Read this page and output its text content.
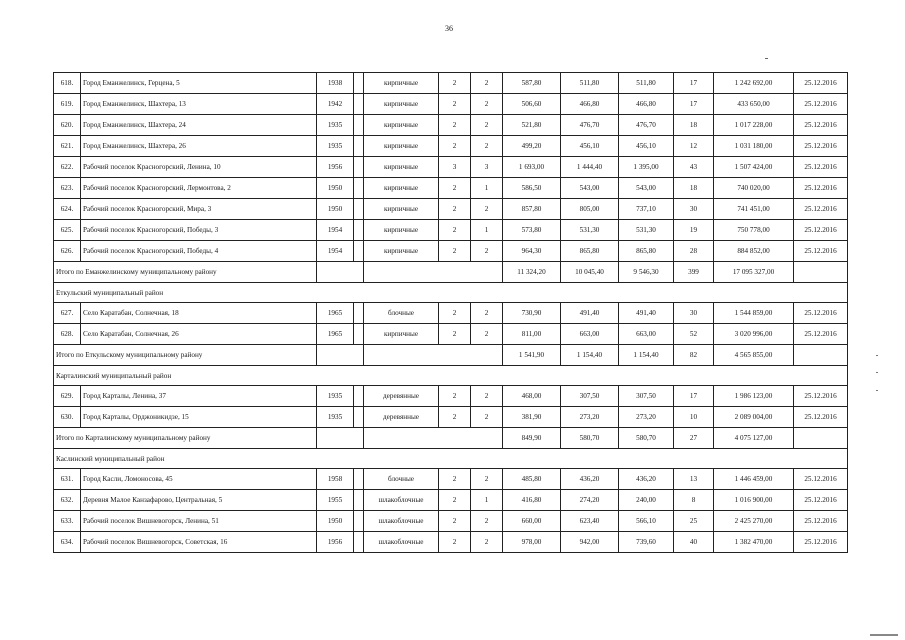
36
618.	Город Еманжелинск, Герцена, 5	1938		кирпичные	2	2	587,80	511,80	511,80	17	1 242 692,00	25.12.2016
619.	Город Еманжелинск, Шахтера, 13	1942		кирпичные	2	2	506,60	466,80	466,80	17	433 650,00	25.12.2016
620.	Город Еманжелинск, Шахтера, 24	1935		кирпичные	2	2	521,80	476,70	476,70	18	1 017 228,00	25.12.2016
621.	Город Еманжелинск, Шахтера, 26	1935		кирпичные	2	2	499,20	456,10	456,10	12	1 031 180,00	25.12.2016
622.	Рабочий поселок Красногорский, Ленина, 10	1956		кирпичные	3	3	1 693,00	1 444,40	1 395,00	43	1 507 424,00	25.12.2016
623.	Рабочий поселок Красногорский, Лермонтова, 2	1950		кирпичные	2	1	586,50	543,00	543,00	18	740 020,00	25.12.2016
624.	Рабочий поселок Красногорский, Мира, 3	1950		кирпичные	2	2	857,80	805,00	737,10	30	741 451,00	25.12.2016
625.	Рабочий поселок Красногорский, Победы, 3	1954		кирпичные	2	1	573,80	531,30	531,30	19	750 778,00	25.12.2016
626.	Рабочий поселок Красногорский, Победы, 4	1954		кирпичные	2	2	964,30	865,80	865,80	28	884 852,00	25.12.2016
Итого по Еманжелинскому муниципальному району							11 324,20	10 045,40	9 546,30	399	17 095 327,00	
Еткульский муниципальный район												
627.	Село Каратабан, Солнечная, 18	1965		блочные	2	2	730,90	491,40	491,40	30	1 544 859,00	25.12.2016
628.	Село Каратабан, Солнечная, 26	1965		кирпичные	2	2	811,00	663,00	663,00	52	3 020 996,00	25.12.2016
Итого по Еткульскому муниципальному району							1 541,90	1 154,40	1 154,40	82	4 565 855,00	
Карталинский муниципальный район												
629.	Город Карталы, Ленина, 37	1935		деревянные	2	2	468,00	307,50	307,50	17	1 986 123,00	25.12.2016
630.	Город Карталы, Орджоникидзе, 15	1935		деревянные	2	2	381,90	273,20	273,20	10	2 089 004,00	25.12.2016
Итого по Карталинскому муниципальному району							849,90	580,70	580,70	27	4 075 127,00	
Каслинский муниципальный район												
631.	Город Касли, Ломоносова, 45	1958		блочные	2	2	485,80	436,20	436,20	13	1 446 459,00	25.12.2016
632.	Деревня Малое Канзафарово, Центральная, 5	1955		шлакоблочные	2	1	416,80	274,20	240,00	8	1 016 900,00	25.12.2016
633.	Рабочий поселок Вишневогорск, Ленина, 51	1950		шлакоблочные	2	2	660,00	623,40	566,10	25	2 425 270,00	25.12.2016
634.	Рабочий поселок Вишневогорск, Советская, 16	1956		шлакоблочные	2	2	978,00	942,00	739,60	40	1 382 470,00	25.12.2016
